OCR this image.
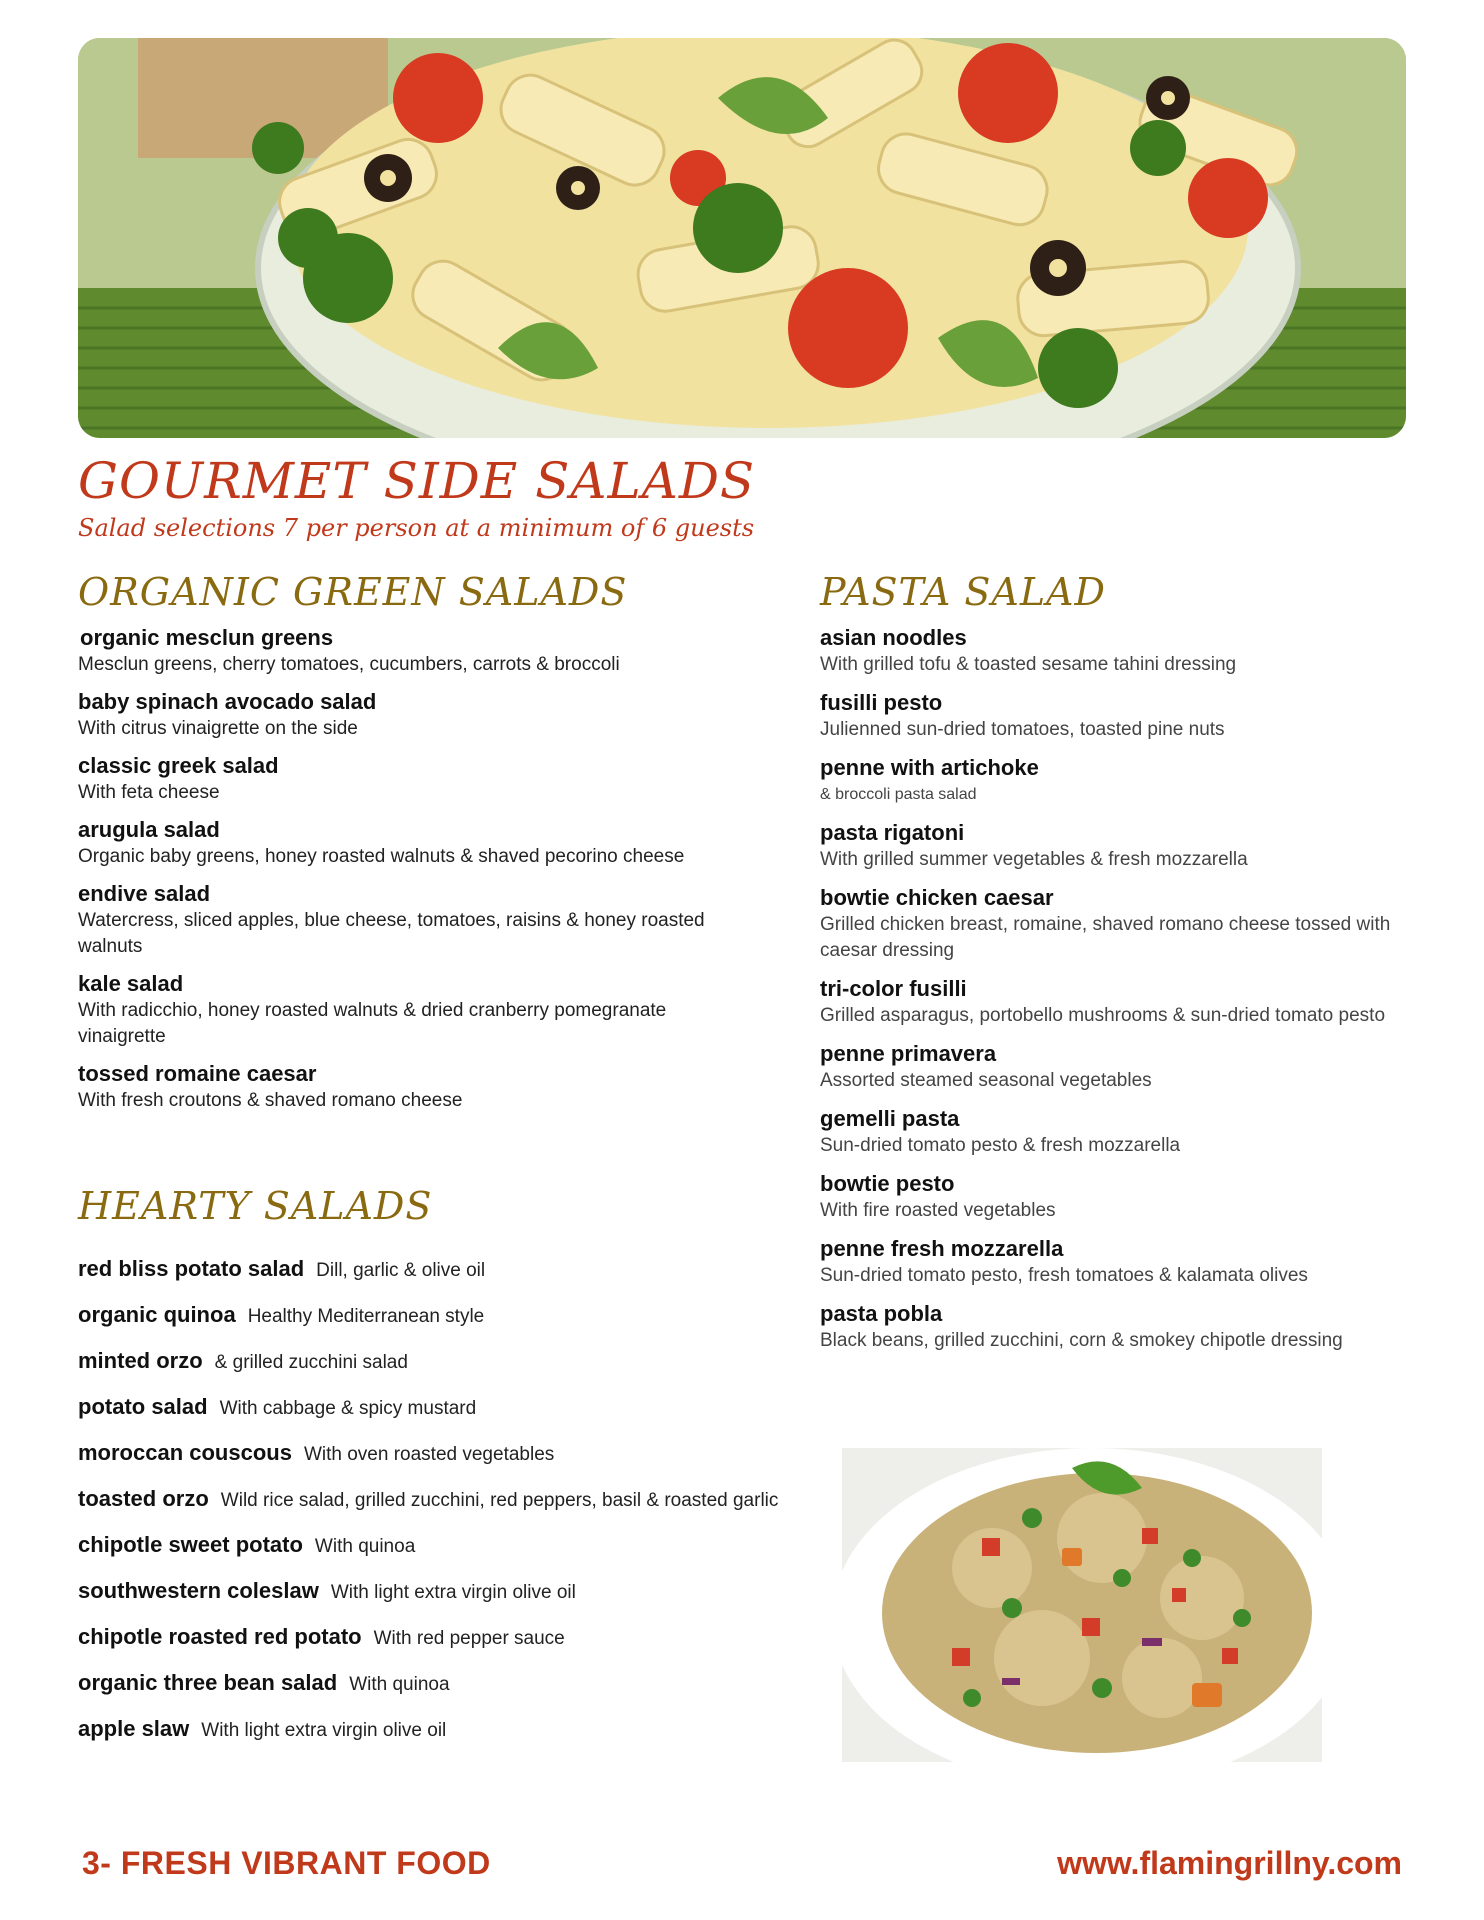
GOURMET SIDE SALADS
Salad selections 7 per person at a minimum of 6 guests
ORGANIC GREEN SALADS
organic mesclun greens
Mesclun greens, cherry tomatoes, cucumbers, carrots & broccoli
baby spinach avocado salad
With citrus vinaigrette on the side
classic greek salad
With feta cheese
arugula salad
Organic baby greens, honey roasted walnuts & shaved pecorino cheese
endive salad
Watercress, sliced apples, blue cheese, tomatoes, raisins & honey roasted walnuts
kale salad
With radicchio, honey roasted walnuts & dried cranberry pomegranate vinaigrette
tossed romaine caesar
With fresh croutons & shaved romano cheese
HEARTY SALADS
red bliss potato salad Dill, garlic & olive oil
organic quinoa Healthy Mediterranean style
minted orzo & grilled zucchini salad
potato salad With cabbage & spicy mustard
moroccan couscous With oven roasted vegetables
toasted orzo Wild rice salad, grilled zucchini, red peppers, basil & roasted garlic
chipotle sweet potato With quinoa
southwestern coleslaw With light extra virgin olive oil
chipotle roasted red potato With red pepper sauce
organic three bean salad With quinoa
apple slaw With light extra virgin olive oil
PASTA SALAD
asian noodles
With grilled tofu & toasted sesame tahini dressing
fusilli pesto
Julienned sun-dried tomatoes, toasted pine nuts
penne with artichoke
& broccoli pasta salad
pasta rigatoni
With grilled summer vegetables & fresh mozzarella
bowtie chicken caesar
Grilled chicken breast, romaine, shaved romano cheese tossed with caesar dressing
tri-color fusilli
Grilled asparagus, portobello mushrooms & sun-dried tomato pesto
penne primavera
Assorted steamed seasonal vegetables
gemelli pasta
Sun-dried tomato pesto & fresh mozzarella
bowtie pesto
With fire roasted vegetables
penne fresh mozzarella
Sun-dried tomato pesto, fresh tomatoes & kalamata olives
pasta pobla
Black beans, grilled zucchini, corn & smokey chipotle dressing
3- FRESH VIBRANT FOOD	www.flamingrillny.com
